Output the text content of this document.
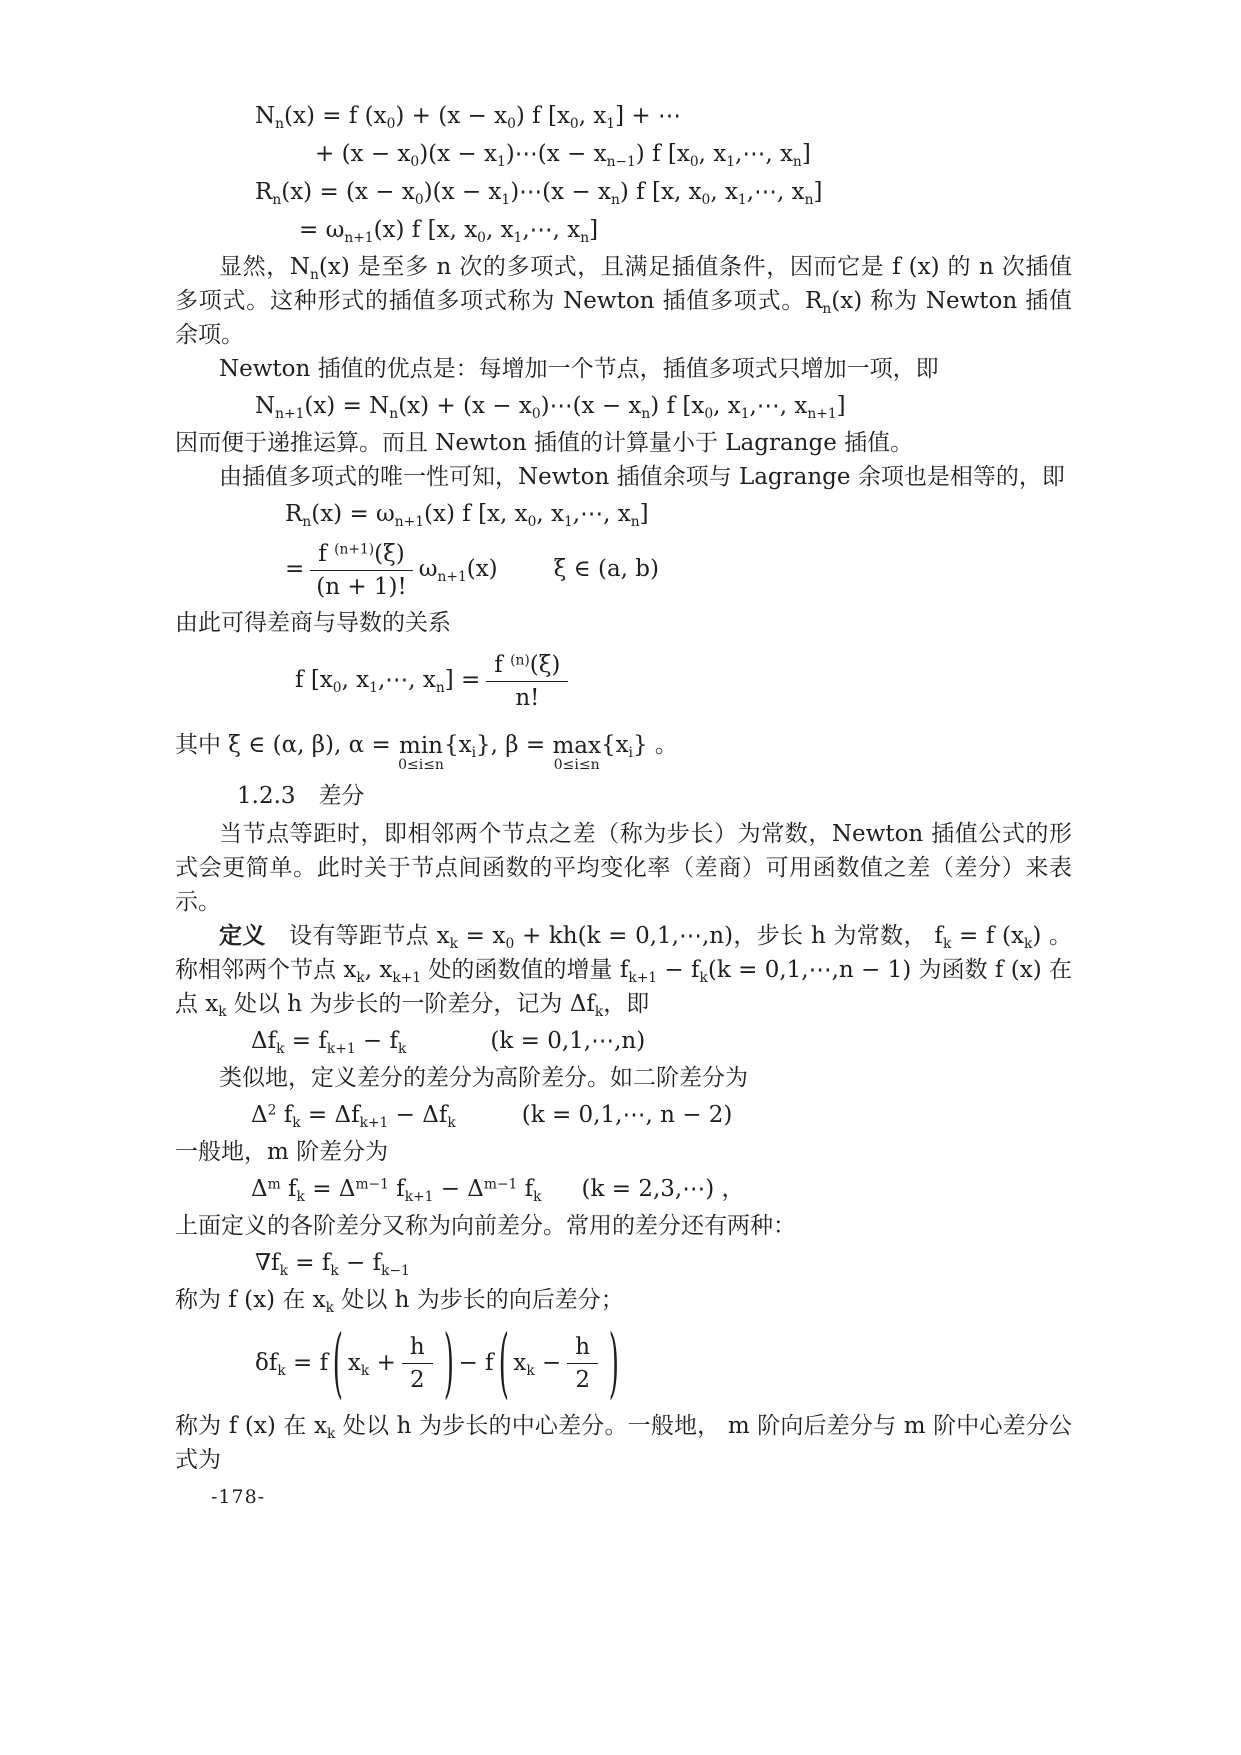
$N_n(x) = f$ $(x_0) + (x - x_0)$ f [$x_0$, $x_1$] + ⋯
+ $(x - x_0)(x$ − $x_1)\cdots(x - x_{n-1})$ f [$x_0$, $x_1,\cdots$, $x_n$]
$R_n(x) = (x - x_0)(x$ − $x_1)\cdots(x - x_n)$ f [x, $x_0$, $x_1,\cdots$, $x_n$]
= $\omega_{n+1}(x)$ f [x, $x_0$, $x_1,\cdots$, $x_n$]

显然，$N_n(x)$ 是至多 n 次的多项式，且满足插值条件，因而它是 f (x) 的 n 次插值多项式。这种形式的插值多项式称为 Newton 插值多项式。$R_n(x)$ 称为 Newton 插值余项。

Newton 插值的优点是：每增加一个节点，插值多项式只增加一项，即

$N_{n+1}(x) = N_n(x) + (x$ − $x_0)\cdots(x - x_n)$ f [$x_0$, $x_1,\cdots$, $x_{n+1}$]

因而便于递推运算。而且 Newton 插值的计算量小于 Lagrange 插值。

由插值多项式的唯一性可知，Newton 插值余项与 Lagrange 余项也是相等的，即

$R_n(x) = \omega_{n+1}(x)$ f [x, $x_0$, $x_1,\cdots$, $x_n$]
= $\frac{f ^{(n+1)}(\xi)}{(n + 1)!} \omega_{n+1}(x)$ ξ ∈ (a, b)

由此可得差商与导数的关系

f [$x_0$, $x_1,\cdots$, $x_n] = \frac{f ^{(n)}(\xi)}{n!}$
其中 ξ ∈ (α, β), α = min
0≤i≤n
$\{x_i\}$, β = max
0≤i≤n
$\{x_i\}$ 。
1.2.3　差分

当节点等距时，即相邻两个节点之差（称为步长）为常数，Newton 插值公式的形式会更简单。此时关于节点间函数的平均变化率（差商）可用函数值之差（差分）来表示。

定义　设有等距节点 $x_k = x_0 + kh(k$ = 0,1,⋯,n)，步长 h 为常数， $f_k = f$ $(x_k)$ 。称相邻两个节点 $x_k$, $x_{k+1}$ 处的函数值的增量 $f_{k+1} - f_k(k$ = 0,1,⋯,n − 1) 为函数 f (x) 在点 $x_k$ 处以 h 为步长的一阶差分，记为 $\Delta f_k$，即

$\Delta f_k = f_{k+1} - f_k$	(k = 0,1,⋯,n)

类似地，定义差分的差分为高阶差分。如二阶差分为

$\Delta^2$ $f_k = \Delta f_{k+1} - \Delta f_k$	(k = 0,1,⋯, n − 2)

一般地，m 阶差分为

$\Delta^m$ $f_k = \Delta^{m-1}$ $f_{k+1} - \Delta^{m-1}$ $f_k$ (k = 2,3,⋯) ，

上面定义的各阶差分又称为向前差分。常用的差分还有两种：

$\nabla f_k = f_k - f_{k-1}$

称为 f (x) 在 $x_k$ 处以 h 为步长的向后差分；

$\delta f_k = f$ ( $x_k + \frac{h}{2}$ ) − f ( $x_k - \frac{h}{2}$ )

称为 f (x) 在 $x_k$ 处以 h 为步长的中心差分。一般地， m 阶向后差分与 m 阶中心差分公式为

-178-
